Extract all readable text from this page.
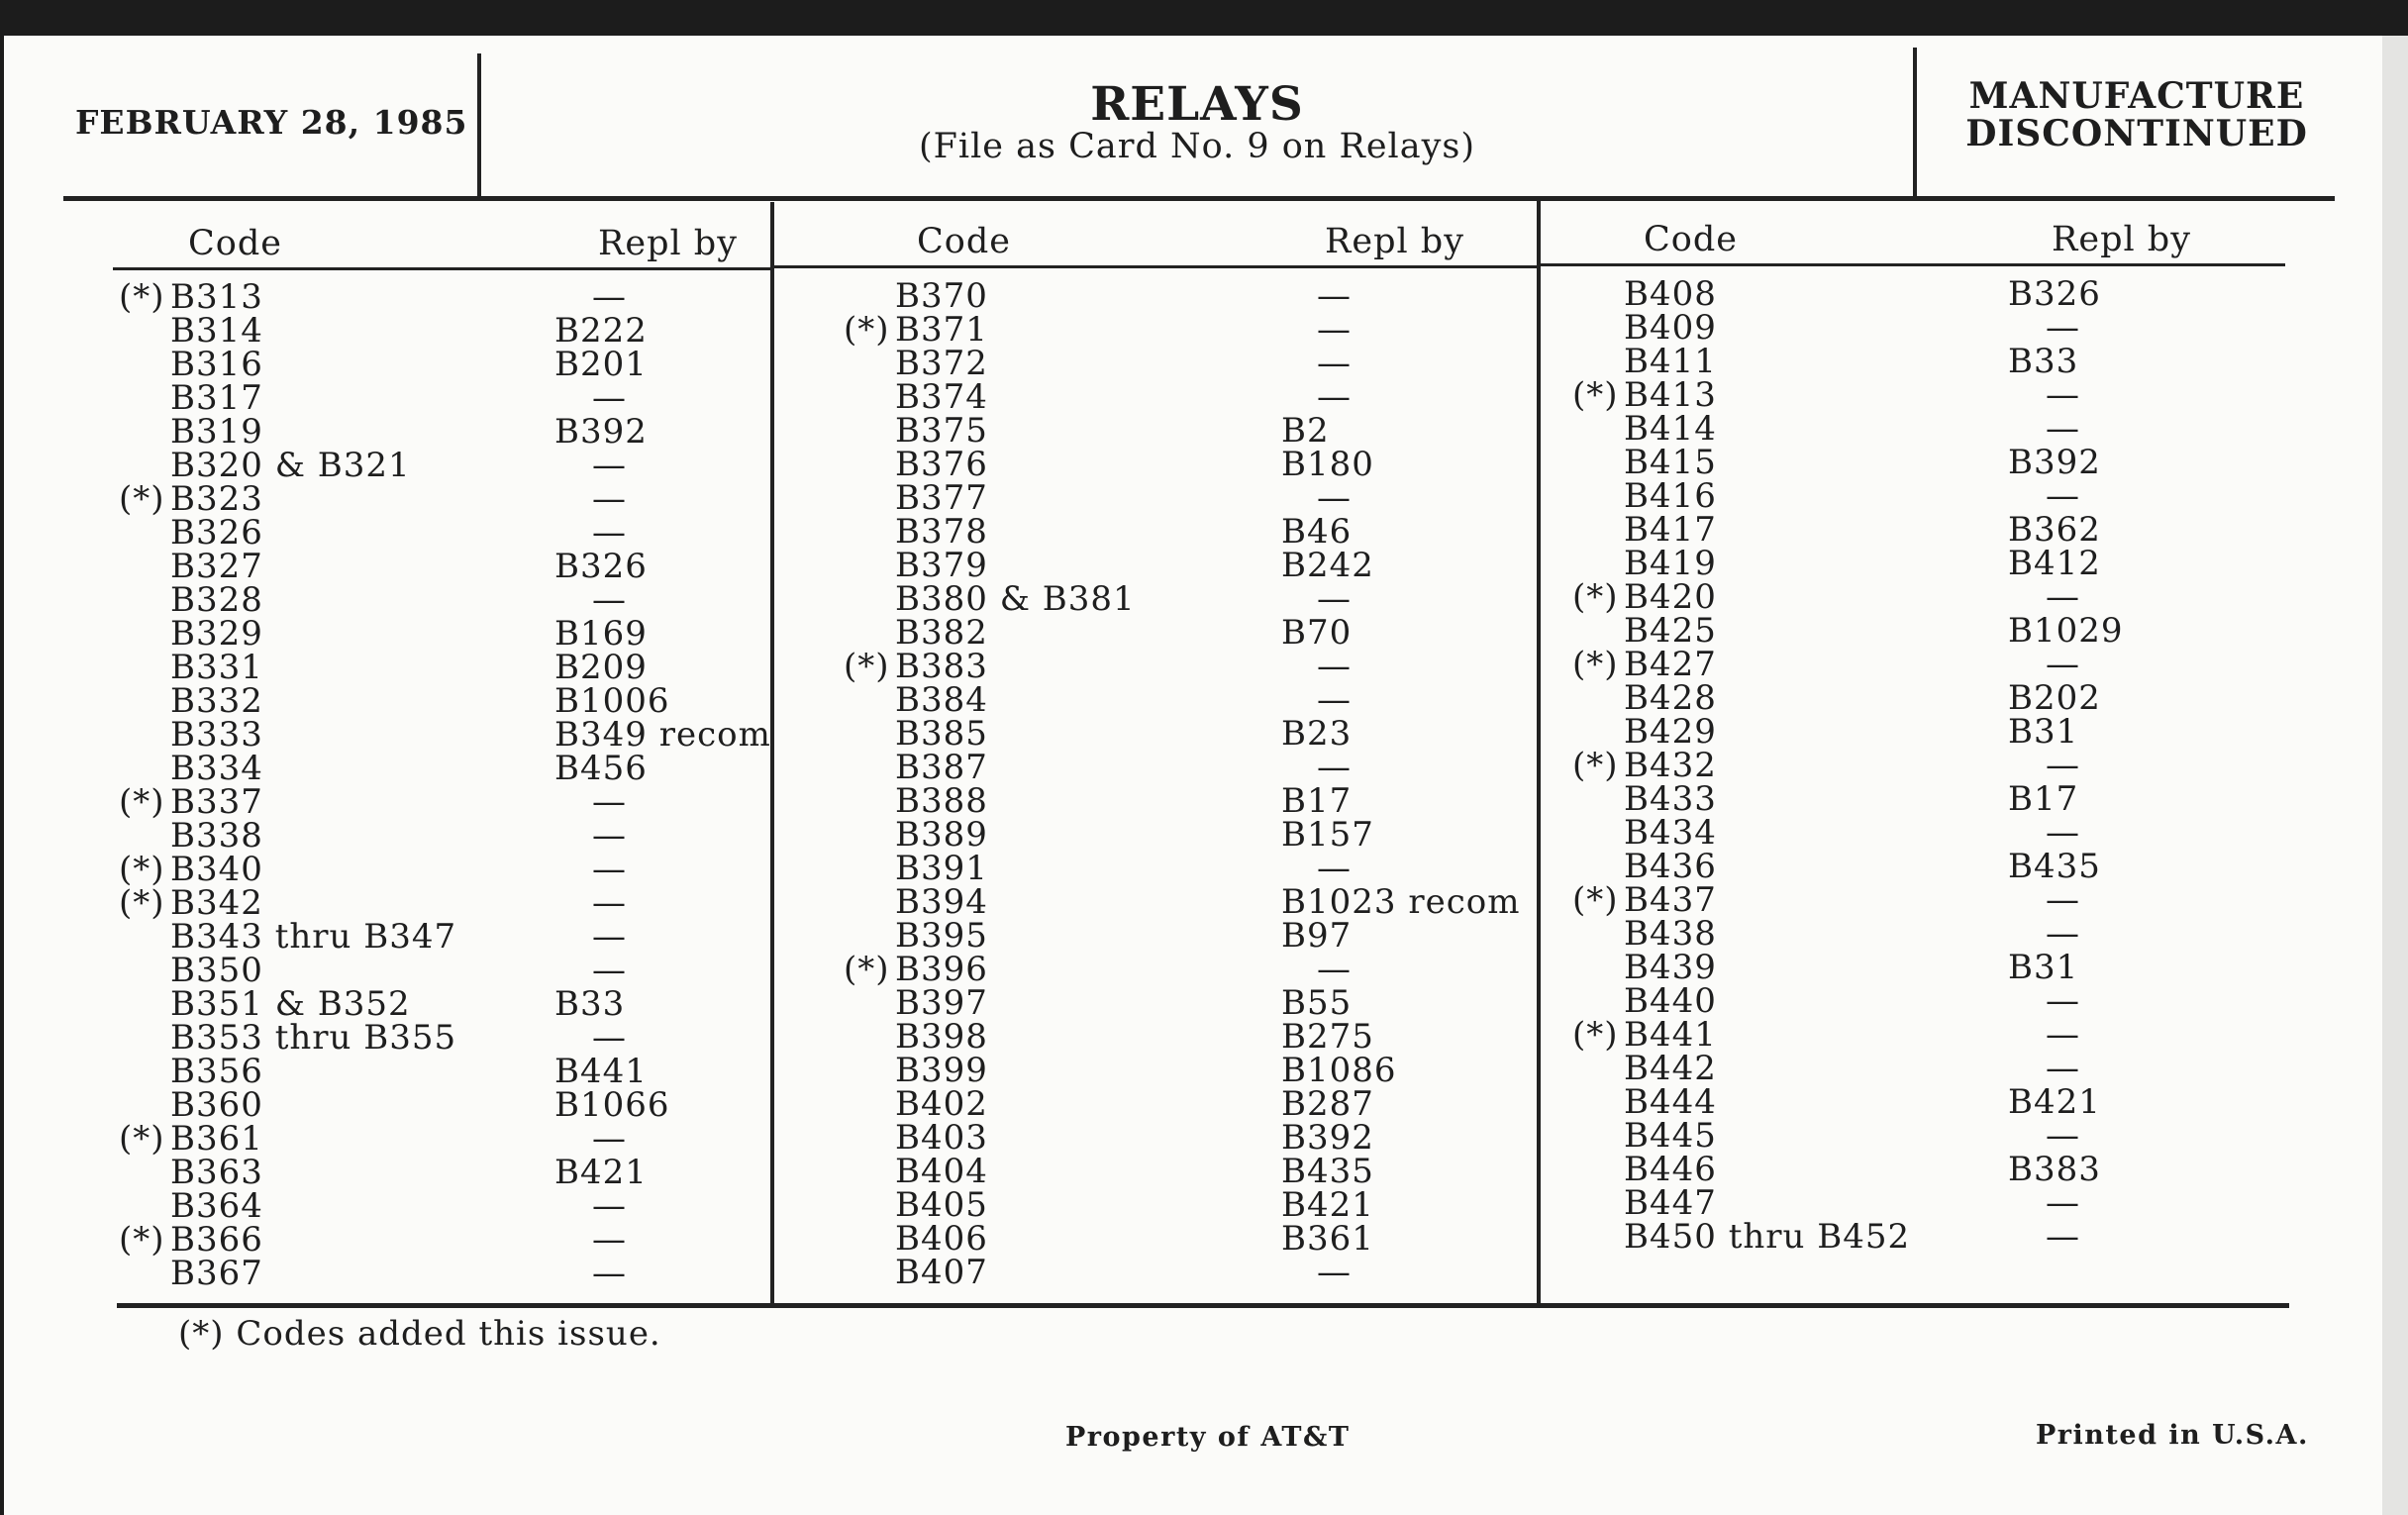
FEBRUARY 28, 1985	RELAYS
(File as Card No. 9 on Relays)
MANUFACTURE
DISCONTINUED
Code	Repl by	Code	Repl by	Code	Repl by
(*) B313	—
B314	B222
B316	B201
B317	—
B319	B392
B320 & B321	—
(*) B323	—
B326	—
B327	B326
B328	—
B329	B169
B331	B209
B332	B1006
B333	B349 recom
B334	B456
(*) B337	—
B338	—
(*) B340	—
(*) B342	—
B343 thru B347	—
B350	—
B351 & B352	B33
B353 thru B355	—
B356	B441
B360	B1066
(*) B361	—
B363	B421
B364	—
(*) B366	—
B367	—
B370	—
(*) B371	—
B372	—
B374	—
B375	B2
B376	B180
B377	—
B378	B46
B379	B242
B380 & B381	—
B382	B70
(*) B383	—
B384	—
B385	B23
B387	—
B388	B17
B389	B157
B391	—
B394	B1023 recom
B395	B97
(*) B396	—
B397	B55
B398	B275
B399	B1086
B402	B287
B403	B392
B404	B435
B405	B421
B406	B361
B407	—
B408	B326
B409	—
B411	B33
(*) B413	—
B414	—
B415	B392
B416	—
B417	B362
B419	B412
(*) B420	—
B425	B1029
(*) B427	—
B428	B202
B429	B31
(*) B432	—
B433	B17
B434	—
B436	B435
(*) B437	—
B438	—
B439	B31
B440	—
(*) B441	—
B442	—
B444	B421
B445	—
B446	B383
B447	—
B450 thru B452	—
(*) Codes added this issue.
Property of AT&T	Printed in U.S.A.
